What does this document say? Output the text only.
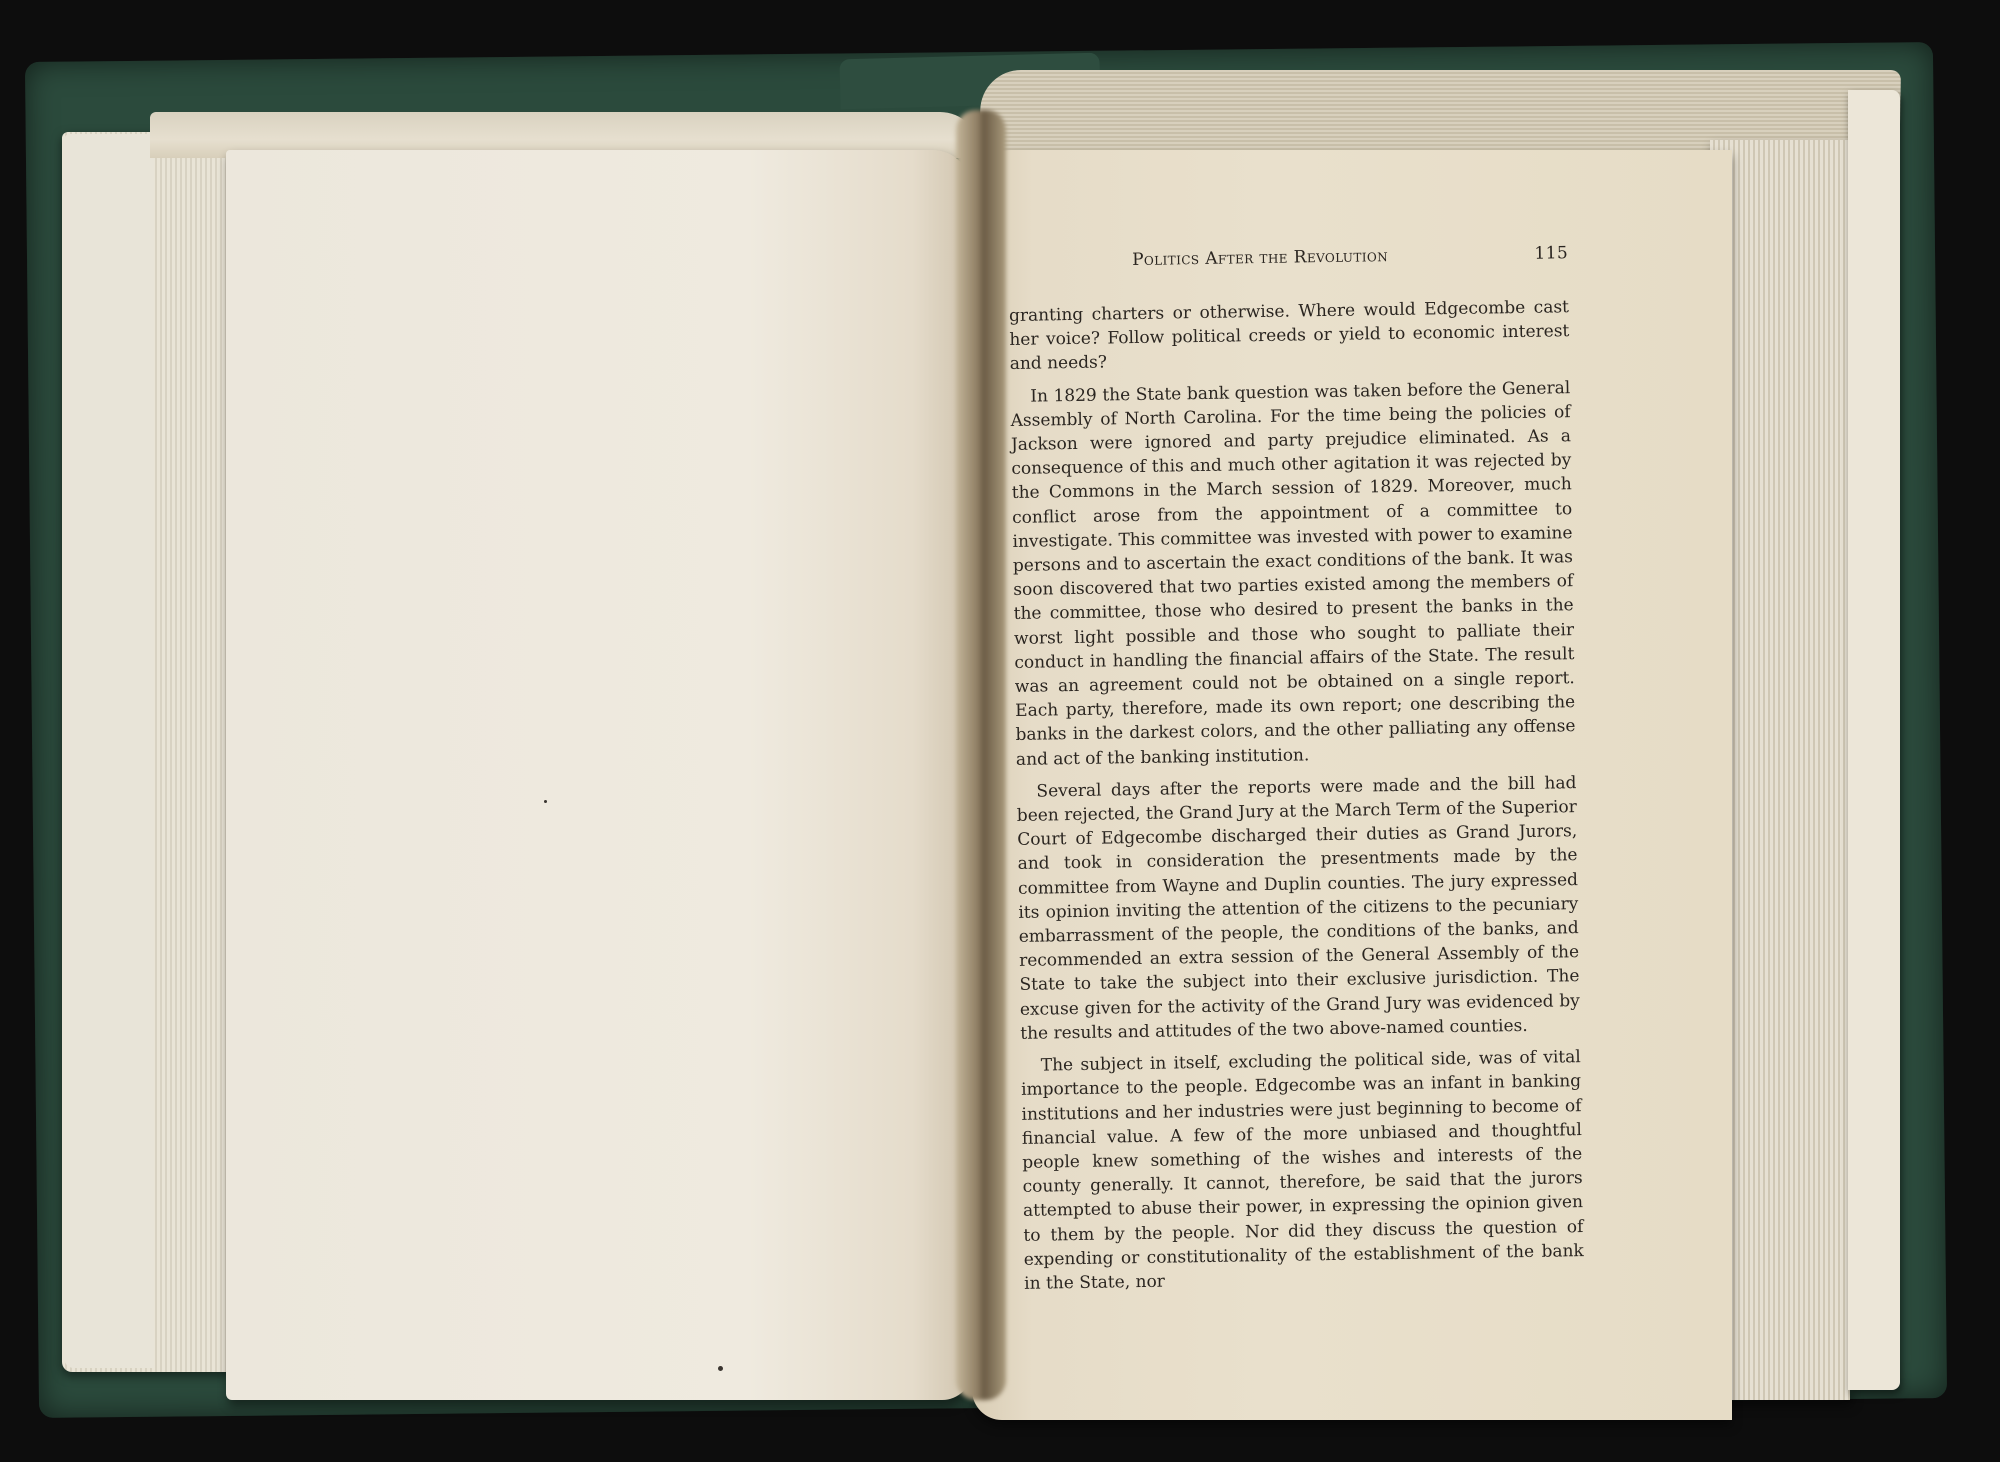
Politics After the Revolution	115

granting charters or otherwise. Where would Edgecombe cast her voice? Follow political creeds or yield to economic interest and needs?

In 1829 the State bank question was taken before the General Assembly of North Carolina. For the time being the policies of Jackson were ignored and party prejudice eliminated. As a consequence of this and much other agitation it was rejected by the Commons in the March session of 1829. Moreover, much conflict arose from the appointment of a committee to investigate. This committee was invested with power to examine persons and to ascertain the exact conditions of the bank. It was soon discovered that two parties existed among the members of the committee, those who desired to present the banks in the worst light possible and those who sought to palliate their conduct in handling the financial affairs of the State. The result was an agreement could not be obtained on a single report. Each party, therefore, made its own report; one describing the banks in the darkest colors, and the other palliating any offense and act of the banking institution.

Several days after the reports were made and the bill had been rejected, the Grand Jury at the March Term of the Superior Court of Edgecombe discharged their duties as Grand Jurors, and took in consideration the presentments made by the committee from Wayne and Duplin counties. The jury expressed its opinion inviting the attention of the citizens to the pecuniary embarrassment of the people, the conditions of the banks, and recommended an extra session of the General Assembly of the State to take the subject into their exclusive jurisdiction. The excuse given for the activity of the Grand Jury was evidenced by the results and attitudes of the two above-named counties.

The subject in itself, excluding the political side, was of vital importance to the people. Edgecombe was an infant in banking institutions and her industries were just beginning to become of financial value. A few of the more unbiased and thoughtful people knew something of the wishes and interests of the county generally. It cannot, therefore, be said that the jurors attempted to abuse their power, in expressing the opinion given to them by the people. Nor did they discuss the question of expending or constitutionality of the establishment of the bank in the State, nor
